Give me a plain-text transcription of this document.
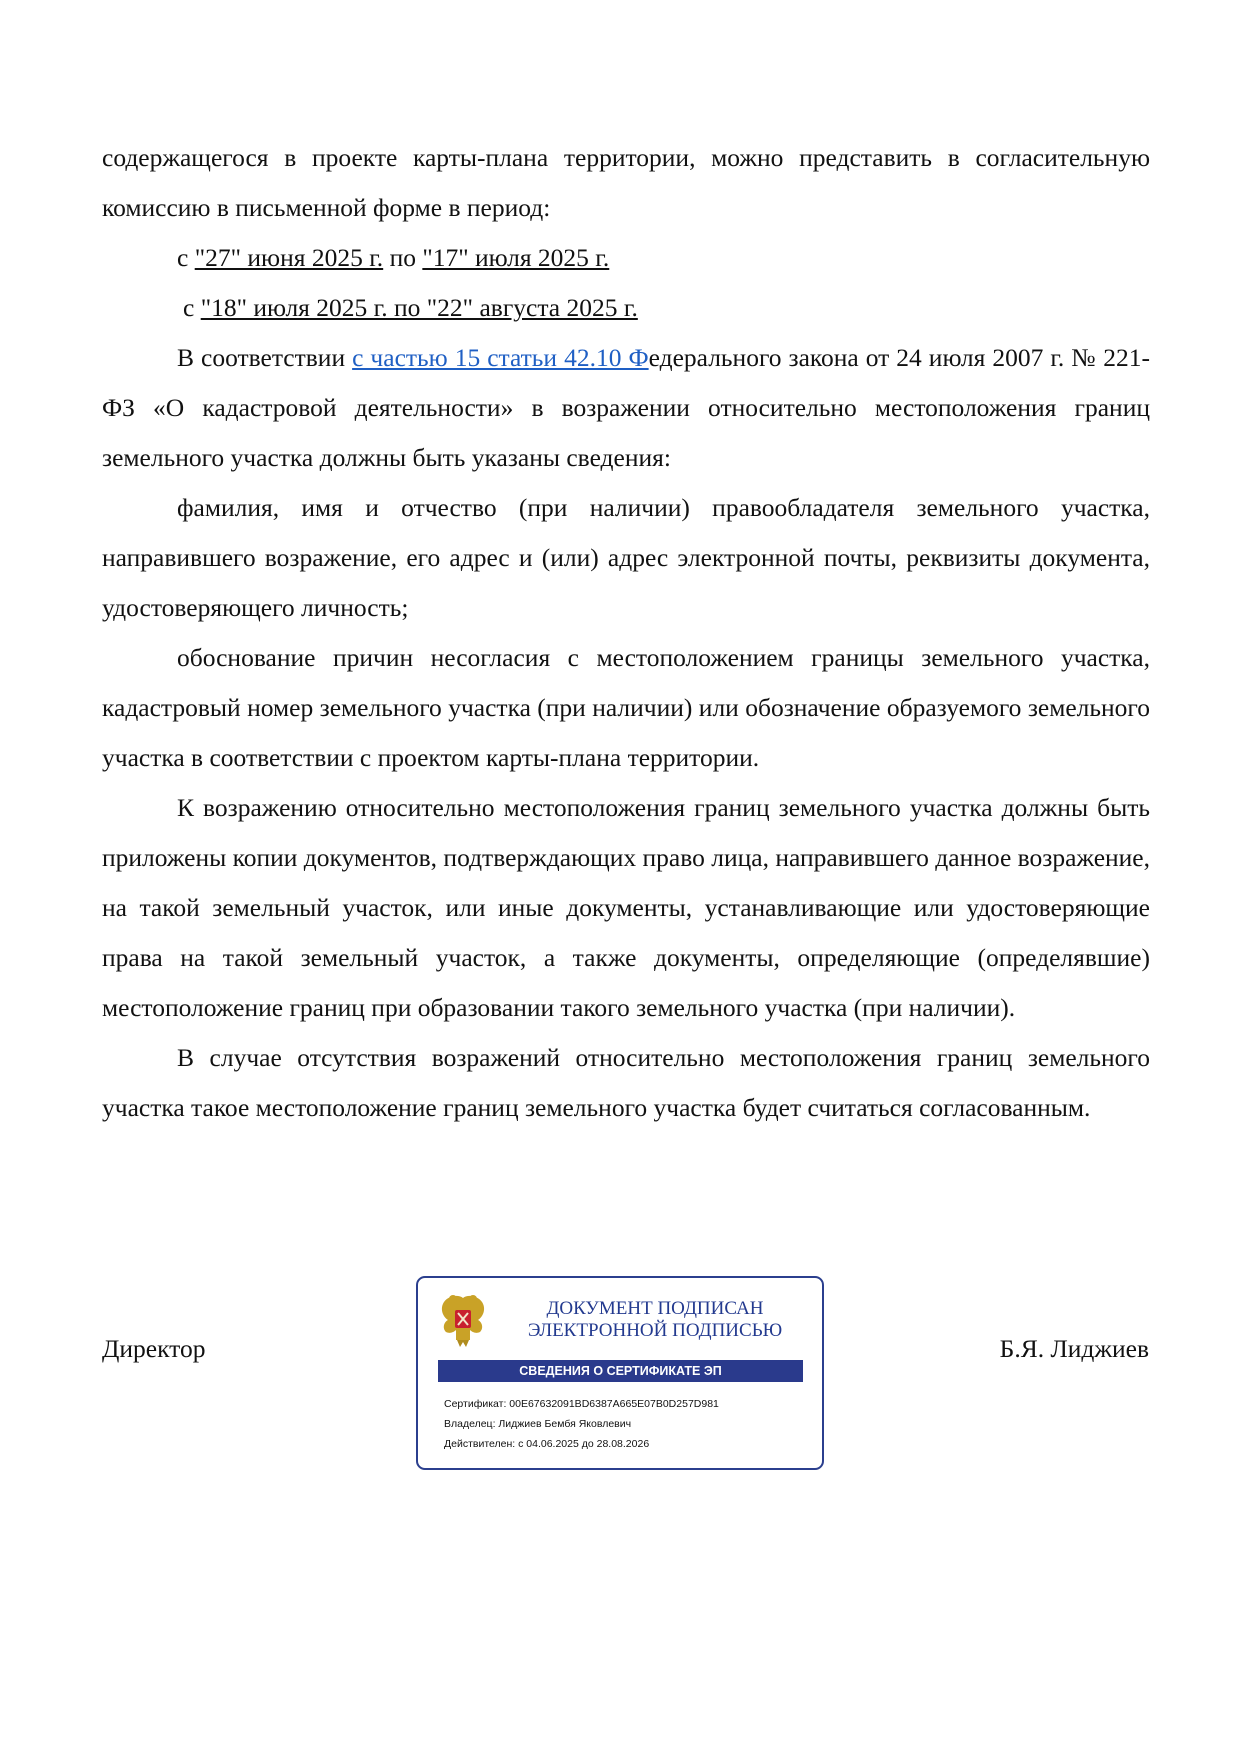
содержащегося в проекте карты-плана территории, можно представить в согласительную комиссию в письменной форме в период:

с "27" июня 2025 г. по "17" июля 2025 г.

с "18" июля 2025 г. по "22" августа 2025 г.

В соответствии с частью 15 статьи 42.10 Федерального закона от 24 июля 2007 г. № 221-ФЗ «О кадастровой деятельности» в возражении относительно местоположения границ земельного участка должны быть указаны сведения:

фамилия, имя и отчество (при наличии) правообладателя земельного участка, направившего возражение, его адрес и (или) адрес электронной почты, реквизиты документа, удостоверяющего личность;

обоснование причин несогласия с местоположением границы земельного участка, кадастровый номер земельного участка (при наличии) или обозначение образуемого земельного участка в соответствии с проектом карты-плана территории.

К возражению относительно местоположения границ земельного участка должны быть приложены копии документов, подтверждающих право лица, направившего данное возражение, на такой земельный участок, или иные документы, устанавливающие или удостоверяющие права на такой земельный участок, а также документы, определяющие (определявшие) местоположение границ при образовании такого земельного участка (при наличии).

В случае отсутствия возражений относительно местоположения границ земельного участка такое местоположение границ земельного участка будет считаться согласованным.

Директор	Б.Я. Лиджиев
ДОКУМЕНТ ПОДПИСАН
ЭЛЕКТРОННОЙ ПОДПИСЬЮ
СВЕДЕНИЯ О СЕРТИФИКАТЕ ЭП
Сертификат: 00E67632091BD6387A665E07B0D257D981
Владелец: Лиджиев Бембя Яковлевич
Действителен: с 04.06.2025 до 28.08.2026
